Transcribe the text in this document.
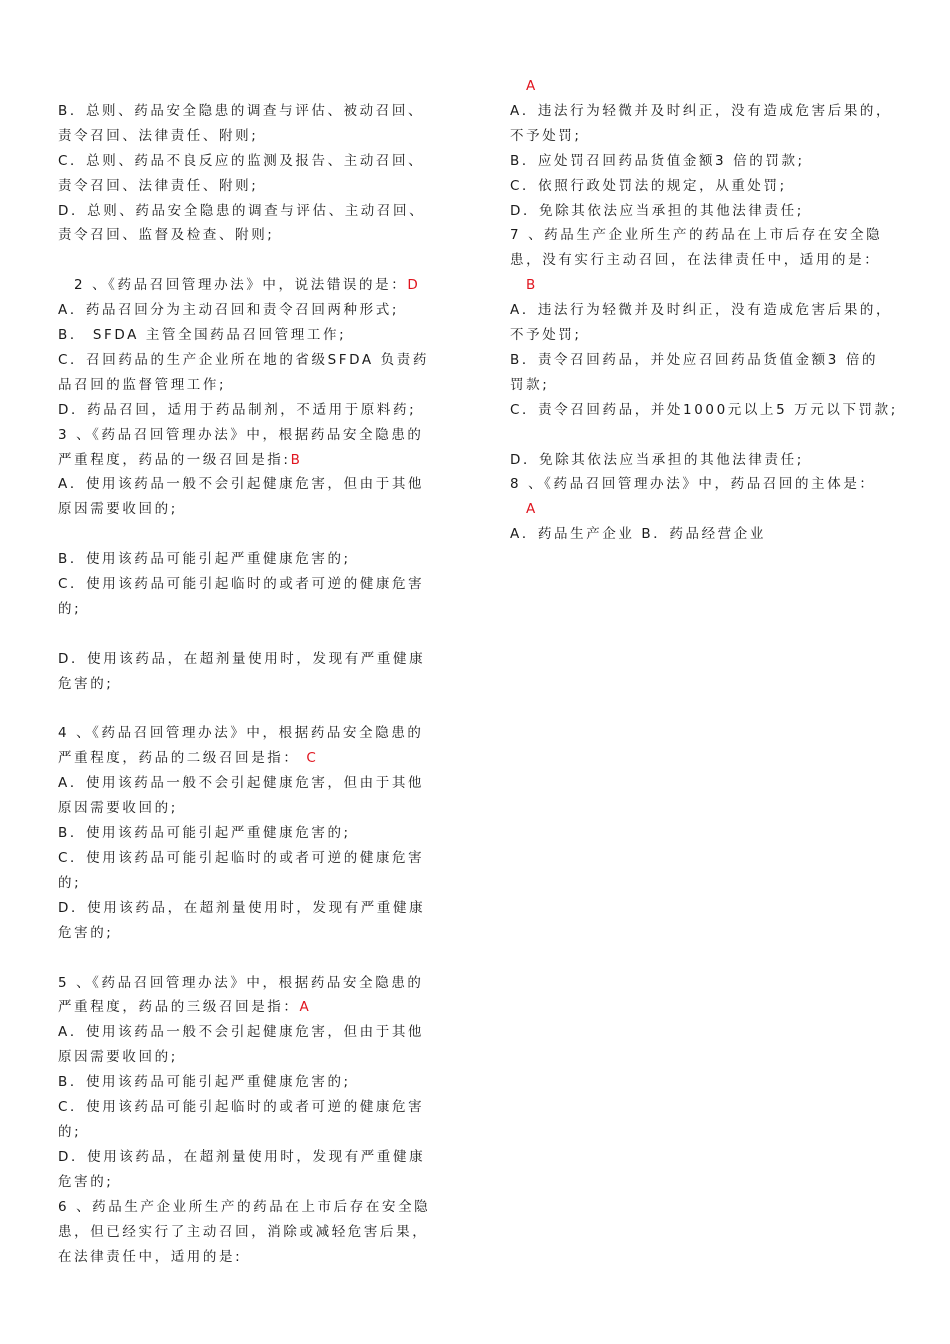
B．总则、药品安全隐患的调查与评估、被动召回、
责令召回、法律责任、附则;
C．总则、药品不良反应的监测及报告、主动召回、
责令召回、法律责任、附则;
D．总则、药品安全隐患的调查与评估、主动召回、
责令召回、监督及检查、附则;
2 、《药品召回管理办法》中，说法错误的是：D
A．药品召回分为主动召回和责令召回两种形式;
B． SFDA 主管全国药品召回管理工作;
C．召回药品的生产企业所在地的省级SFDA 负责药
品召回的监督管理工作;
D．药品召回，适用于药品制剂，不适用于原料药;
3 、《药品召回管理办法》中，根据药品安全隐患的
严重程度，药品的一级召回是指:B
A．使用该药品一般不会引起健康危害，但由于其他
原因需要收回的;
B．使用该药品可能引起严重健康危害的;
C．使用该药品可能引起临时的或者可逆的健康危害
的;
D．使用该药品，在超剂量使用时，发现有严重健康
危害的;
4 、《药品召回管理办法》中，根据药品安全隐患的
严重程度，药品的二级召回是指： C
A．使用该药品一般不会引起健康危害，但由于其他
原因需要收回的;
B．使用该药品可能引起严重健康危害的;
C．使用该药品可能引起临时的或者可逆的健康危害
的;
D．使用该药品，在超剂量使用时，发现有严重健康
危害的;
5 、《药品召回管理办法》中，根据药品安全隐患的
严重程度，药品的三级召回是指：A
A．使用该药品一般不会引起健康危害，但由于其他
原因需要收回的;
B．使用该药品可能引起严重健康危害的;
C．使用该药品可能引起临时的或者可逆的健康危害
的;
D．使用该药品，在超剂量使用时，发现有严重健康
危害的;
6 、药品生产企业所生产的药品在上市后存在安全隐
患，但已经实行了主动召回，消除或减轻危害后果，
在法律责任中，适用的是:
A
A．违法行为轻微并及时纠正，没有造成危害后果的，
不予处罚;
B．应处罚召回药品货值金额3 倍的罚款;
C．依照行政处罚法的规定，从重处罚;
D．免除其依法应当承担的其他法律责任;
7 、药品生产企业所生产的药品在上市后存在安全隐
患，没有实行主动召回，在法律责任中，适用的是：
B
A．违法行为轻微并及时纠正，没有造成危害后果的，
不予处罚;
B．责令召回药品，并处应召回药品货值金额3 倍的
罚款;
C．责令召回药品，并处1000元以上5 万元以下罚款;
D．免除其依法应当承担的其他法律责任;
8 、《药品召回管理办法》中，药品召回的主体是：
A
A．药品生产企业 B．药品经营企业
